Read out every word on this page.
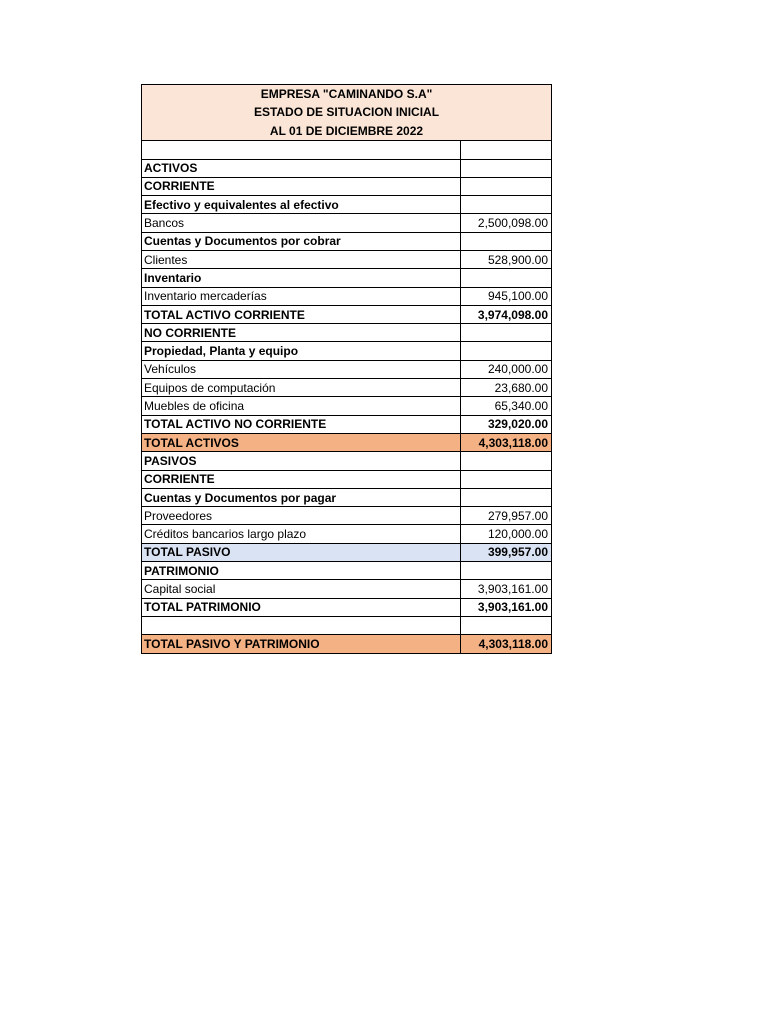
EMPRESA "CAMINANDO S.A"
ESTADO DE SITUACION INICIAL
AL 01 DE DICIEMBRE 2022	

ACTIVOS	
CORRIENTE	
Efectivo y equivalentes al efectivo	
Bancos	2,500,098.00
Cuentas y Documentos por cobrar	
Clientes	528,900.00
Inventario	
Inventario mercaderías	945,100.00
TOTAL ACTIVO CORRIENTE	3,974,098.00
NO CORRIENTE	
Propiedad, Planta y equipo	
Vehículos	240,000.00
Equipos de computación	23,680.00
Muebles de oficina	65,340.00
TOTAL ACTIVO NO CORRIENTE	329,020.00
TOTAL ACTIVOS	4,303,118.00
PASIVOS	
CORRIENTE	
Cuentas y Documentos por pagar	
Proveedores	279,957.00
Créditos bancarios largo plazo	120,000.00
TOTAL PASIVO	399,957.00
PATRIMONIO	
Capital social	3,903,161.00
TOTAL PATRIMONIO	3,903,161.00

TOTAL PASIVO Y PATRIMONIO	4,303,118.00
